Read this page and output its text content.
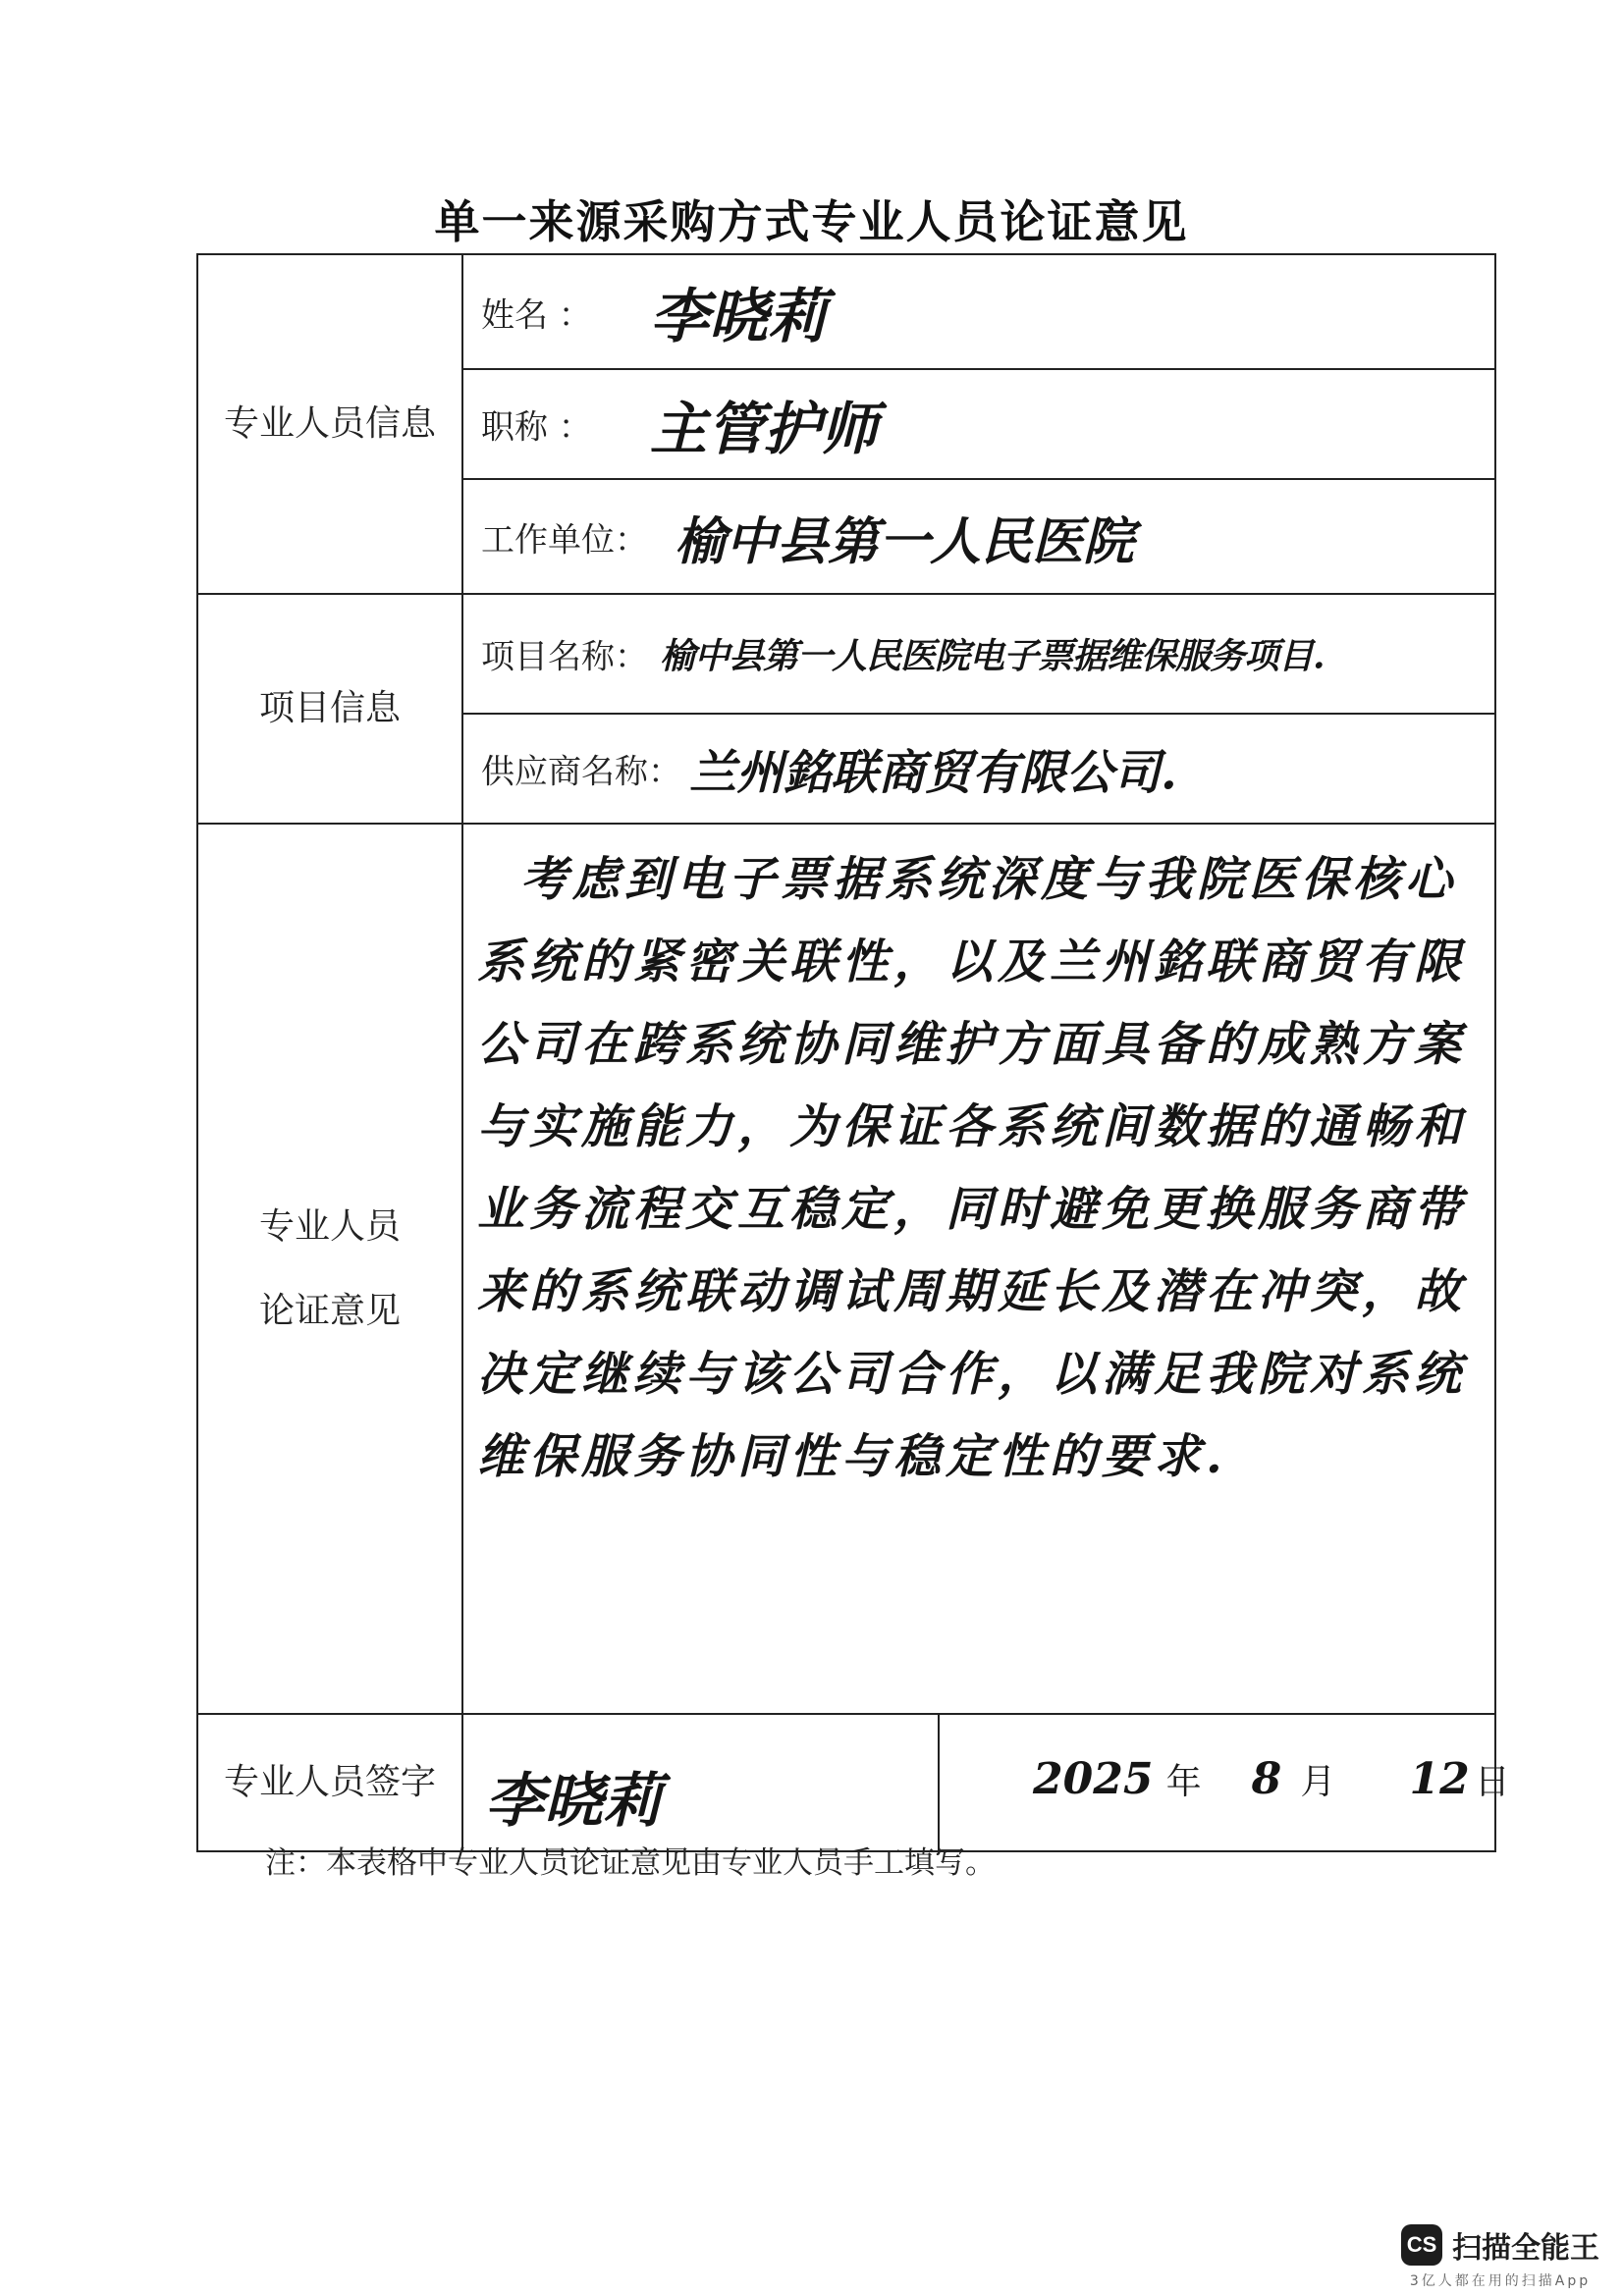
单一来源采购方式专业人员论证意见
专业人员信息	姓名 ： 李晓莉	

	职称 ： 主管护师	

	工作单位： 榆中县第一人民医院	

项目信息	项目名称： 榆中县第一人民医院电子票据维保服务项目.	

	供应商名称： 兰州銘联商贸有限公司.	

专业人员
论证意见	考虑到电子票据系统深度与我院医保核心系统的紧密关联性，以及兰州銘联商贸有限公司在跨系统协同维护方面具备的成熟方案与实施能力，为保证各系统间数据的通畅和业务流程交互稳定，同时避免更换服务商带来的系统联动调试周期延长及潜在冲突，故决定继续与该公司合作，以满足我院对系统维保服务协同性与稳定性的要求.	

专业人员签字	李晓莉	2025 年 8 月 12 日
注：本表格中专业人员论证意见由专业人员手工填写。
CS 扫描全能王
3亿人都在用的扫描App
